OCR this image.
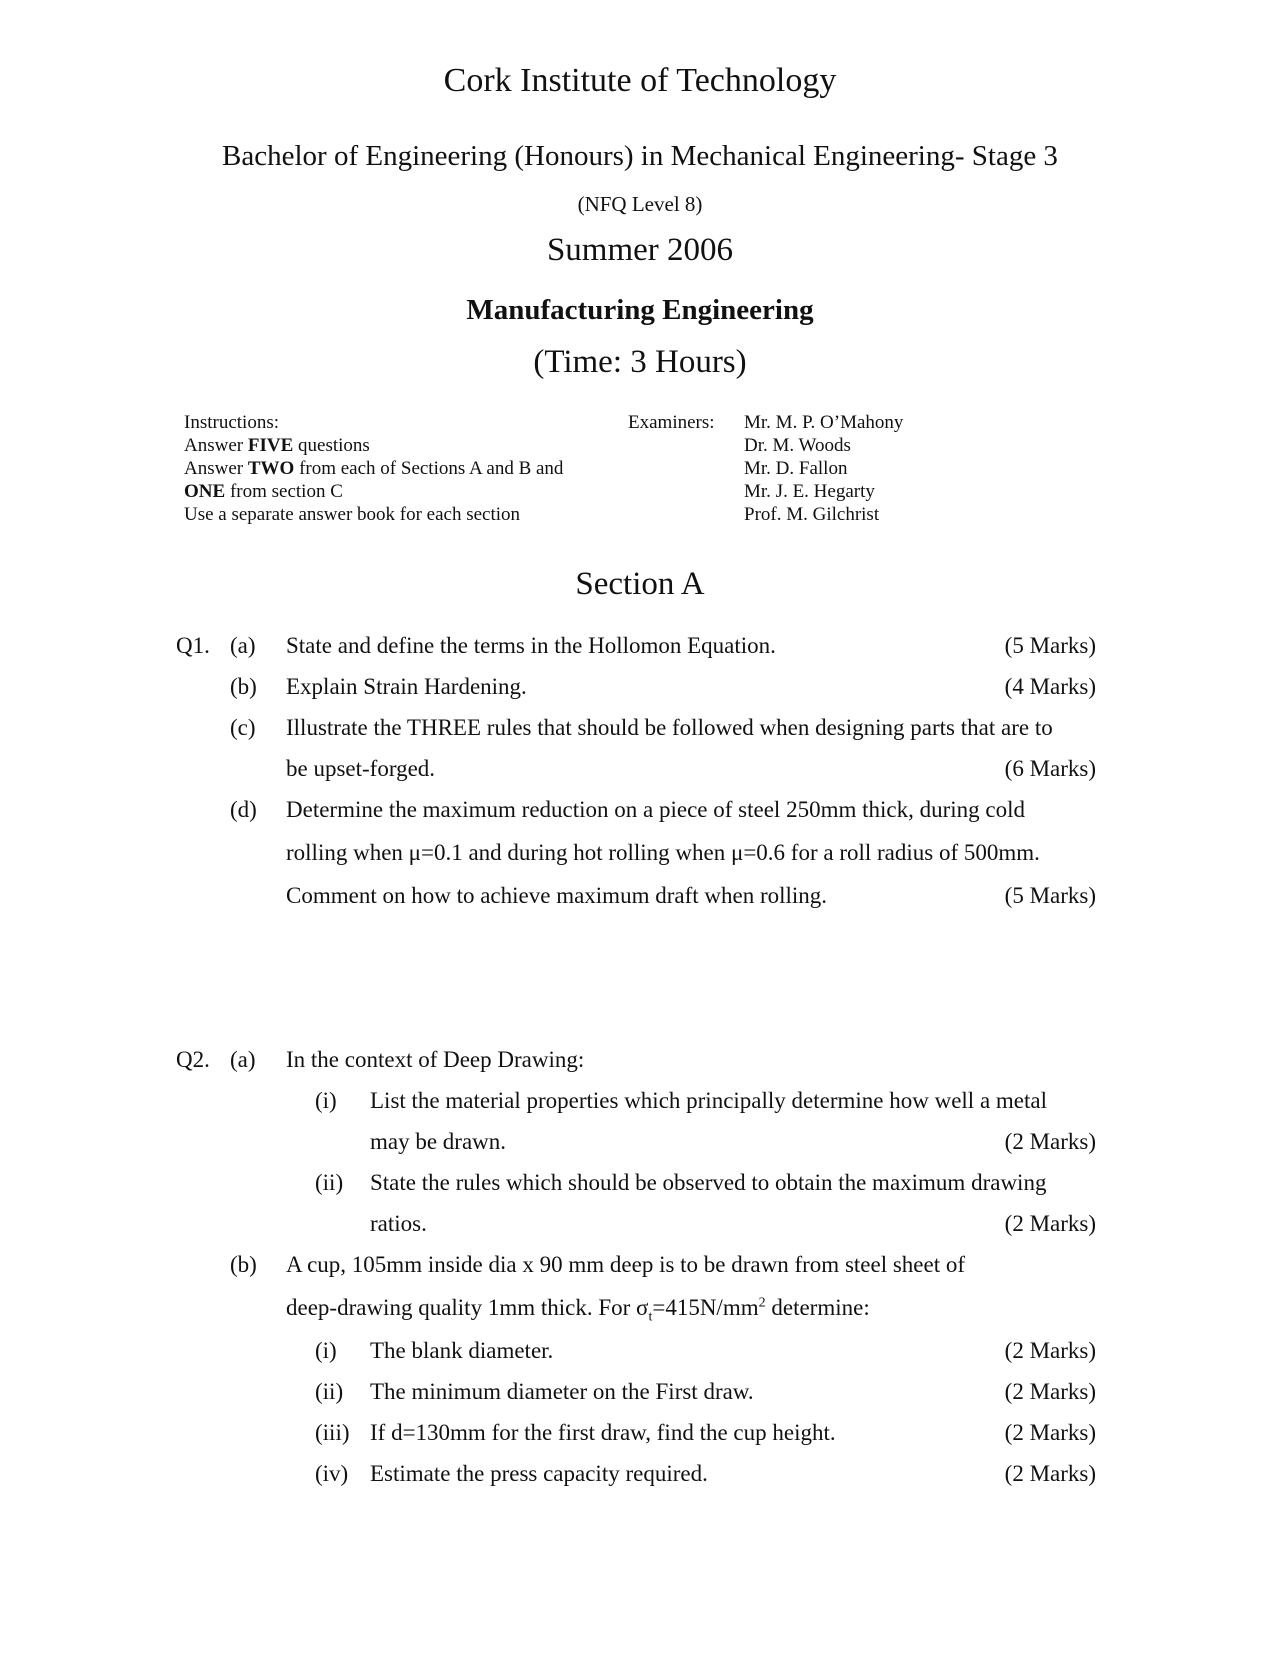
Cork Institute of Technology
Bachelor of Engineering (Honours) in Mechanical Engineering- Stage 3
(NFQ Level 8)
Summer 2006
Manufacturing Engineering
(Time: 3 Hours)
Instructions:
Answer FIVE questions
Answer TWO from each of Sections A and B and
ONE from section C
Use a separate answer book for each section
Examiners: Mr. M. P. O’Mahony
Dr. M. Woods
Mr. D. Fallon
Mr. J. E. Hegarty
Prof. M. Gilchrist
Section A
Q1. (a) State and define the terms in the Hollomon Equation.	(5 Marks)
(b) Explain Strain Hardening.	(4 Marks)
(c) Illustrate the THREE rules that should be followed when designing parts that are to
be upset-forged.	(6 Marks)
(d) Determine the maximum reduction on a piece of steel 250mm thick, during cold
rolling when μ=0.1 and during hot rolling when μ=0.6 for a roll radius of 500mm.
Comment on how to achieve maximum draft when rolling.	(5 Marks)
Q2. (a) In the context of Deep Drawing:
(i) List the material properties which principally determine how well a metal
may be drawn.	(2 Marks)
(ii) State the rules which should be observed to obtain the maximum drawing
ratios.	(2 Marks)
(b) A cup, 105mm inside dia x 90 mm deep is to be drawn from steel sheet of
deep-drawing quality 1mm thick. For $\sigma_t=415N/mm^2$ determine:
(i) The blank diameter.	(2 Marks)
(ii) The minimum diameter on the First draw.	(2 Marks)
(iii) If d=130mm for the first draw, find the cup height.	(2 Marks)
(iv) Estimate the press capacity required.	(2 Marks)
